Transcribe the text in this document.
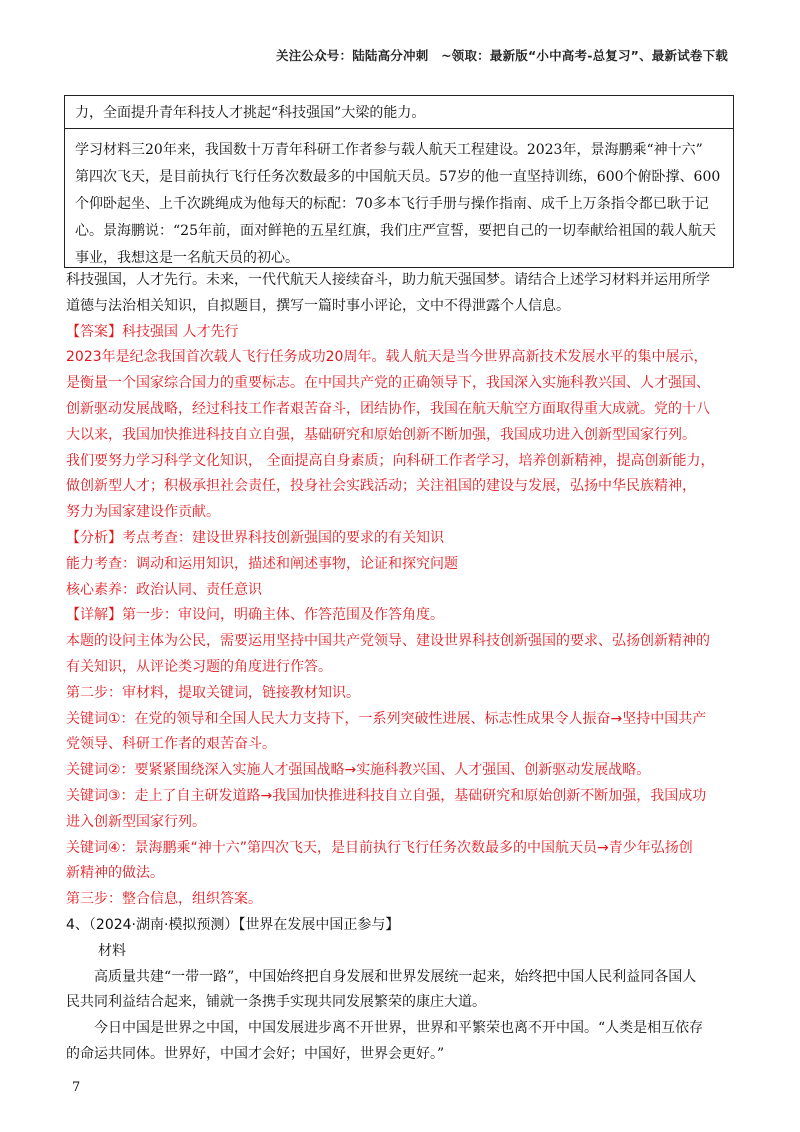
关注公众号：陆陆高分冲刺　~领取：最新版“小中高考-总复习”、最新试卷下载
力，全面提升青年科技人才挑起“科技强国”大梁的能力。
学习材料三20年来，我国数十万青年科研工作者参与载人航天工程建设。2023年，景海鹏乘“神十六”
第四次飞天，是目前执行飞行任务次数最多的中国航天员。57岁的他一直坚持训练，600个俯卧撑、600
个仰卧起坐、上千次跳绳成为他每天的标配：70多本飞行手册与操作指南、成千上万条指令都已耿于记
心。景海鹏说：“25年前，面对鲜艳的五星红旗，我们庄严宣誓，要把自己的一切奉献给祖国的载人航天
事业，我想这是一名航天员的初心。

科技强国，人才先行。未来，一代代航天人接续奋斗，助力航天强国梦。请结合上述学习材料并运用所学

道德与法治相关知识，自拟题目，撰写一篇时事小评论，文中不得泄露个人信息。

【答案】科技强国 人才先行

2023年是纪念我国首次载人飞行任务成功20周年。载人航天是当今世界高新技术发展水平的集中展示，

是衡量一个国家综合国力的重要标志。在中国共产党的正确领导下，我国深入实施科教兴国、人才强国、

创新驱动发展战略，经过科技工作者艰苦奋斗，团结协作，我国在航天航空方面取得重大成就。党的十八

大以来，我国加快推进科技自立自强，基础研究和原始创新不断加强，我国成功进入创新型国家行列。

我们要努力学习科学文化知识， 全面提高自身素质；向科研工作者学习，培养创新精神，提高创新能力，

做创新型人才；积极承担社会责任，投身社会实践活动；关注祖国的建设与发展，弘扬中华民族精神，

努力为国家建设作贡献。

【分析】考点考查：建设世界科技创新强国的要求的有关知识

能力考查：调动和运用知识，描述和阐述事物，论证和探究问题

核心素养：政治认同、责任意识

【详解】第一步：审设问，明确主体、作答范围及作答角度。

本题的设问主体为公民，需要运用坚持中国共产党领导、建设世界科技创新强国的要求、弘扬创新精神的

有关知识，从评论类习题的角度进行作答。

第二步：审材料，提取关键词，链接教材知识。

关键词①：在党的领导和全国人民大力支持下，一系列突破性进展、标志性成果令人振奋→坚持中国共产

党领导、科研工作者的艰苦奋斗。

关键词②：要紧紧围绕深入实施人才强国战略→实施科教兴国、人才强国、创新驱动发展战略。

关键词③：走上了自主研发道路→我国加快推进科技自立自强，基础研究和原始创新不断加强，我国成功

进入创新型国家行列。

关键词④：景海鹏乘“神十六”第四次飞天，是目前执行飞行任务次数最多的中国航天员→青少年弘扬创

新精神的做法。

第三步：整合信息，组织答案。

4、（2024·湖南·模拟预测）【世界在发展中国正参与】

材料

高质量共建“一带一路”，中国始终把自身发展和世界发展统一起来，始终把中国人民利益同各国人

民共同利益结合起来，铺就一条携手实现共同发展繁荣的康庄大道。

今日中国是世界之中国，中国发展进步离不开世界，世界和平繁荣也离不开中国。“人类是相互依存

的命运共同体。世界好，中国才会好；中国好，世界会更好。”

7
